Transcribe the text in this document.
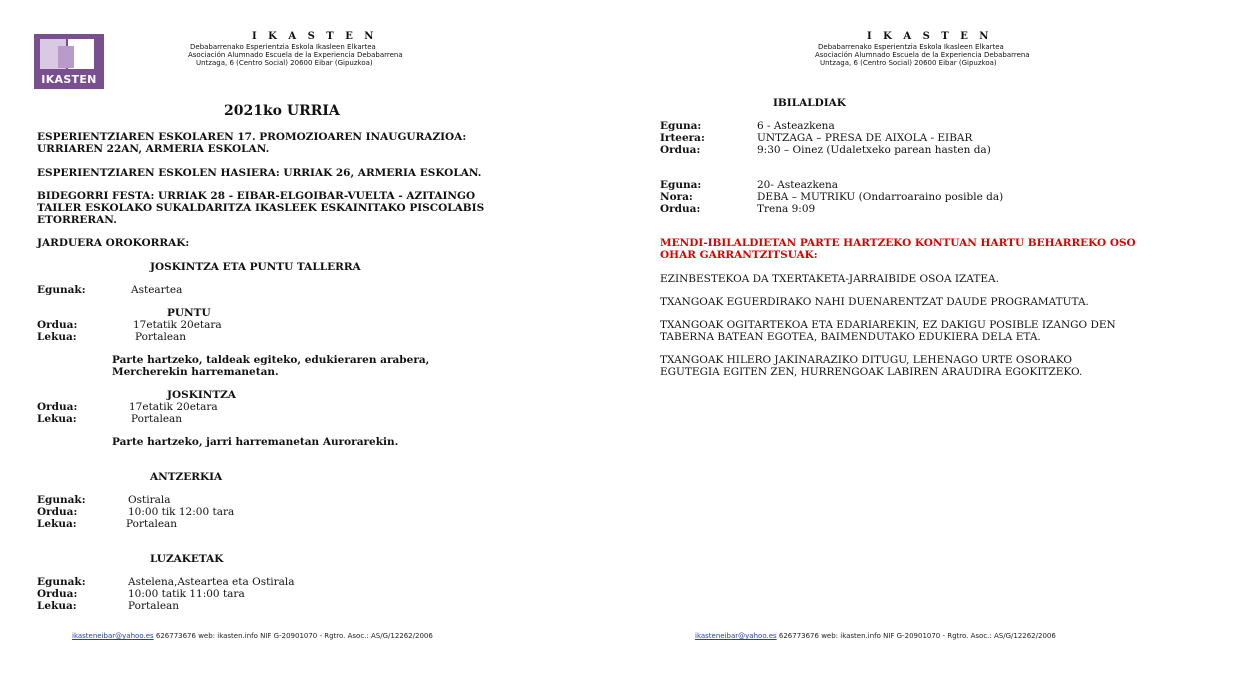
IKASTEN
I K A S T E N
Debabarrenako Esperientzia Eskola Ikasleen Elkartea
Asociación Alumnado Escuela de la Experiencia Debabarrena
Untzaga, 6 (Centro Social) 20600 Eibar (Gipuzkoa)
2021ko URRIA
ESPERIENTZIAREN ESKOLAREN 17. PROMOZIOAREN INAUGURAZIOA:
URRIAREN 22AN, ARMERIA ESKOLAN.
ESPERIENTZIAREN ESKOLEN HASIERA: URRIAK 26, ARMERIA ESKOLAN.
BIDEGORRI FESTA: URRIAK 28 - EIBAR-ELGOIBAR-VUELTA - AZITAINGO
TAILER ESKOLAKO SUKALDARITZA IKASLEEK ESKAINITAKO PISCOLABIS
ETORRERAN.
JARDUERA OROKORRAK:
JOSKINTZA ETA PUNTU TALLERRA
Egunak:	Asteartea
PUNTU
Ordua:	17etatik 20etara
Lekua:	Portalean
Parte hartzeko, taldeak egiteko, edukieraren arabera,
Mercherekin harremanetan.
JOSKINTZA
Ordua:	17etatik 20etara
Lekua:	Portalean
Parte hartzeko, jarri harremanetan Aurorarekin.
ANTZERKIA
Egunak:	Ostirala
Ordua:	10:00 tik 12:00 tara
Lekua:	Portalean
LUZAKETAK
Egunak:	Astelena,Asteartea eta Ostirala
Ordua:	10:00 tatik 11:00 tara
Lekua:	Portalean
ikasteneibar@yahoo.es 626773676 web: ikasten.info NIF G-20901070 - Rgtro. Asoc.: AS/G/12262/2006
I K A S T E N
Debabarrenako Esperientzia Eskola Ikasleen Elkartea
Asociación Alumnado Escuela de la Experiencia Debabarrena
Untzaga, 6 (Centro Social) 20600 Eibar (Gipuzkoa)
IBILALDIAK
Eguna:	6 - Asteazkena
Irteera:	UNTZAGA – PRESA DE AIXOLA - EIBAR
Ordua:	9:30 – Oinez (Udaletxeko parean hasten da)
Eguna:	20- Asteazkena
Nora:	DEBA – MUTRIKU (Ondarroaraino posible da)
Ordua:	Trena 9:09
MENDI-IBILALDIETAN PARTE HARTZEKO KONTUAN HARTU BEHARREKO OSO
OHAR GARRANTZITSUAK:
EZINBESTEKOA DA TXERTAKETA-JARRAIBIDE OSOA IZATEA.
TXANGOAK EGUERDIRAKO NAHI DUENARENTZAT DAUDE PROGRAMATUTA.
TXANGOAK OGITARTEKOA ETA EDARIAREKIN, EZ DAKIGU POSIBLE IZANGO DEN
TABERNA BATEAN EGOTEA, BAIMENDUTAKO EDUKIERA DELA ETA.
TXANGOAK HILERO JAKINARAZIKO DITUGU, LEHENAGO URTE OSORAKO
EGUTEGIA EGITEN ZEN, HURRENGOAK LABIREN ARAUDIRA EGOKITZEKO.
ikasteneibar@yahoo.es 626773676 web: ikasten.info NIF G-20901070 - Rgtro. Asoc.: AS/G/12262/2006
